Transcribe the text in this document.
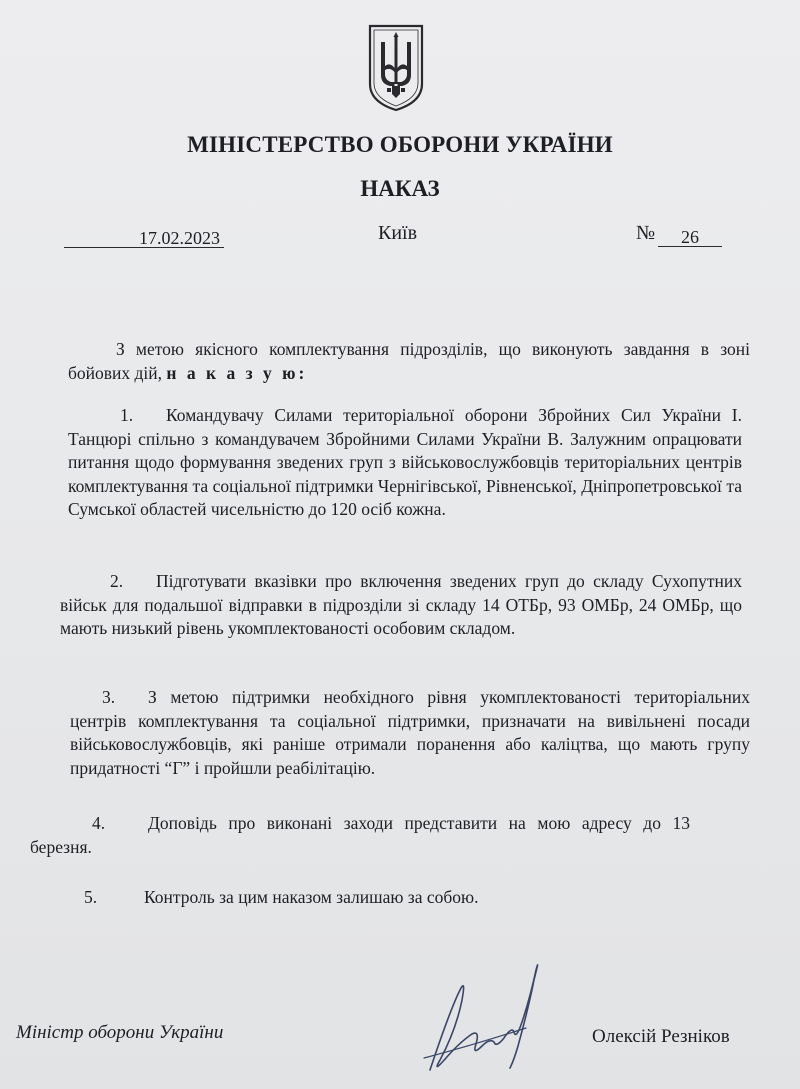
МІНІСТЕРСТВО ОБОРОНИ УКРАЇНИ
НАКАЗ
17.02.2023	Київ	№	26
З метою якісного комплектування підрозділів, що виконують завдання в зоні бойових дій, н а к а з у ю:
1. Командувачу Силами територіальної оборони Збройних Сил України І. Танцюрі спільно з командувачем Збройними Силами України В. Залужним опрацювати питання щодо формування зведених груп з військовослужбовців територіальних центрів комплектування та соціальної підтримки Чернігівської, Рівненської, Дніпропетровської та Сумської областей чисельністю до 120 осіб кожна.
2. Підготувати вказівки про включення зведених груп до складу Сухопутних військ для подальшої відправки в підрозділи зі складу 14 ОТБр, 93 ОМБр, 24 ОМБр, що мають низький рівень укомплектованості особовим складом.
3. З метою підтримки необхідного рівня укомплектованості територіальних центрів комплектування та соціальної підтримки, призначати на вивільнені посади військовослужбовців, які раніше отримали поранення або каліцтва, що мають групу придатності “Г” і пройшли реабілітацію.
4. Доповідь про виконані заходи представити на мою адресу до 13 березня.
5.	Контроль за цим наказом залишаю за собою.
Міністр оборони України	Олексій Резніков
